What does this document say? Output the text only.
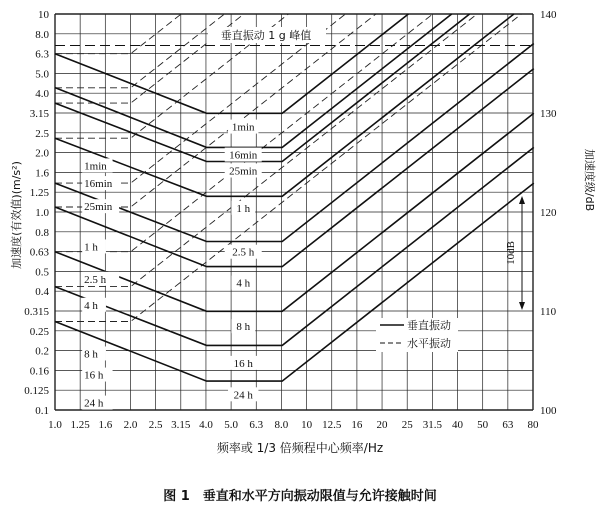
1.0 1.25 1.6 2.0 2.5 3.15 4.0 5.0 6.3 8.0 10 12.5 16 20 25 31.5 40 50 63 80
0.1
0.125
0.16
0.2
0.25
0.315
0.4
0.5
0.63
0.8
1.0
1.25
1.6
2.0
2.5
3.15
4.0
5.0
6.3
8.0
10
100
110
120
130
140
1min
16min
25min
1 h
2.5 h
4 h
8 h
16 h
24 h
1min
16min
25min
1 h
2.5 h
4 h
8 h
16 h
24 h
频率或 1/3 倍频程中心频率/Hz
加速度(有效值)(m/s²)	加速度级/dB
图 1　垂直和水平方向振动限值与允许接触时间
垂直振动 1 g 峰值
10dB
垂直振动
水平振动
